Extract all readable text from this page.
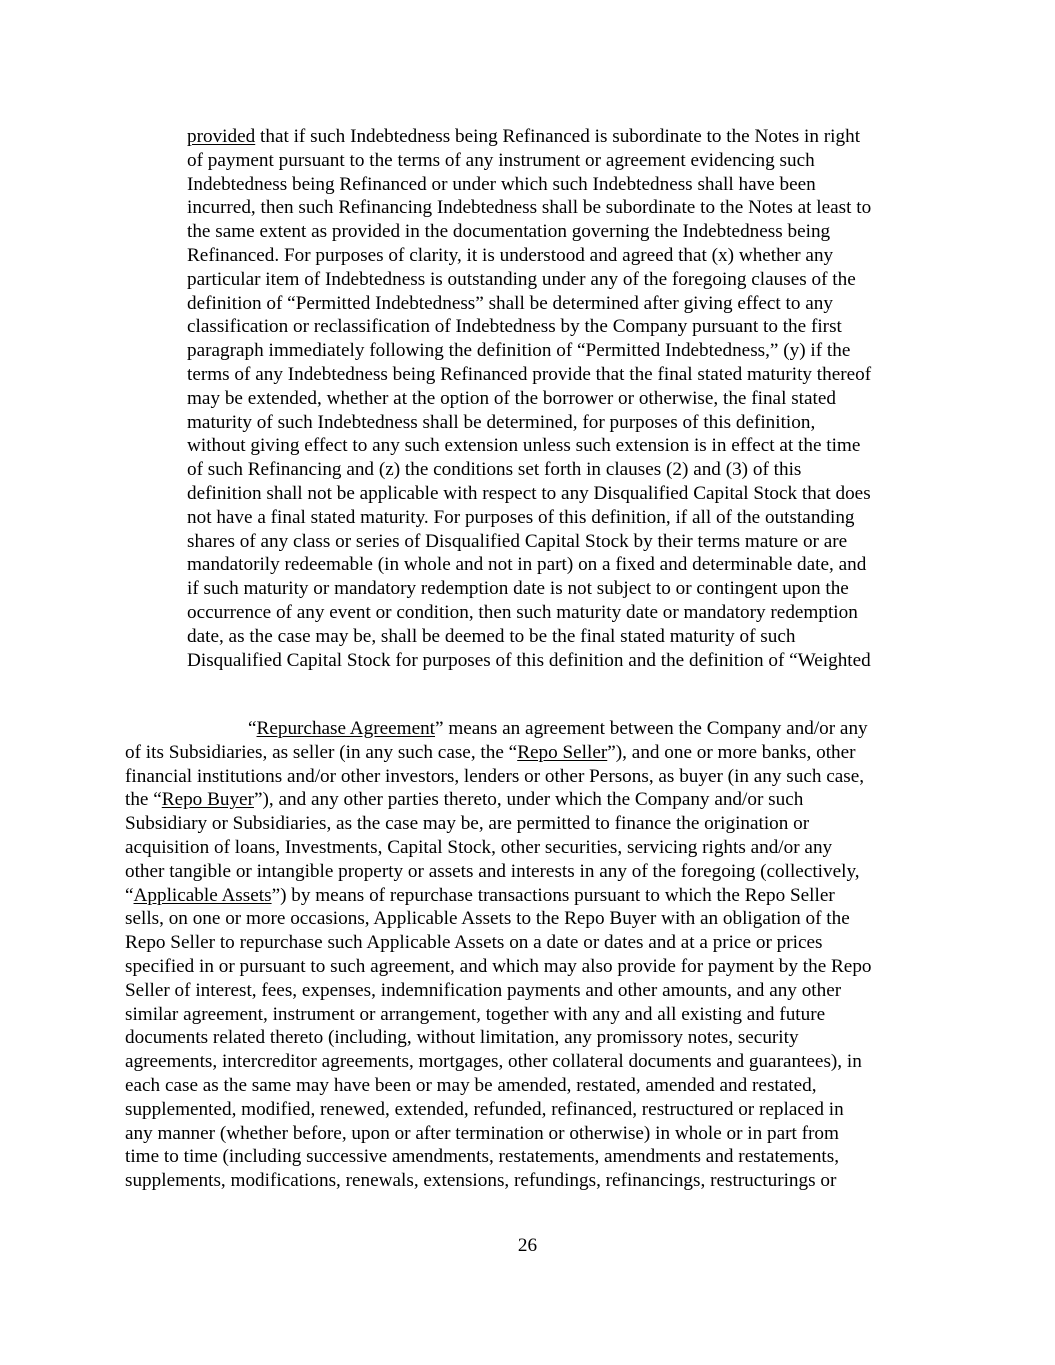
provided that if such Indebtedness being Refinanced is subordinate to the Notes in right
of payment pursuant to the terms of any instrument or agreement evidencing such
Indebtedness being Refinanced or under which such Indebtedness shall have been
incurred, then such Refinancing Indebtedness shall be subordinate to the Notes at least to
the same extent as provided in the documentation governing the Indebtedness being
Refinanced. For purposes of clarity, it is understood and agreed that (x) whether any
particular item of Indebtedness is outstanding under any of the foregoing clauses of the
definition of “Permitted Indebtedness” shall be determined after giving effect to any
classification or reclassification of Indebtedness by the Company pursuant to the first
paragraph immediately following the definition of “Permitted Indebtedness,” (y) if the
terms of any Indebtedness being Refinanced provide that the final stated maturity thereof
may be extended, whether at the option of the borrower or otherwise, the final stated
maturity of such Indebtedness shall be determined, for purposes of this definition,
without giving effect to any such extension unless such extension is in effect at the time
of such Refinancing and (z) the conditions set forth in clauses (2) and (3) of this
definition shall not be applicable with respect to any Disqualified Capital Stock that does
not have a final stated maturity. For purposes of this definition, if all of the outstanding
shares of any class or series of Disqualified Capital Stock by their terms mature or are
mandatorily redeemable (in whole and not in part) on a fixed and determinable date, and
if such maturity or mandatory redemption date is not subject to or contingent upon the
occurrence of any event or condition, then such maturity date or mandatory redemption
date, as the case may be, shall be deemed to be the final stated maturity of such
Disqualified Capital Stock for purposes of this definition and the definition of “Weighted
“Repurchase Agreement” means an agreement between the Company and/or any
of its Subsidiaries, as seller (in any such case, the “Repo Seller”), and one or more banks, other
financial institutions and/or other investors, lenders or other Persons, as buyer (in any such case,
the “Repo Buyer”), and any other parties thereto, under which the Company and/or such
Subsidiary or Subsidiaries, as the case may be, are permitted to finance the origination or
acquisition of loans, Investments, Capital Stock, other securities, servicing rights and/or any
other tangible or intangible property or assets and interests in any of the foregoing (collectively,
“Applicable Assets”) by means of repurchase transactions pursuant to which the Repo Seller
sells, on one or more occasions, Applicable Assets to the Repo Buyer with an obligation of the
Repo Seller to repurchase such Applicable Assets on a date or dates and at a price or prices
specified in or pursuant to such agreement, and which may also provide for payment by the Repo
Seller of interest, fees, expenses, indemnification payments and other amounts, and any other
similar agreement, instrument or arrangement, together with any and all existing and future
documents related thereto (including, without limitation, any promissory notes, security
agreements, intercreditor agreements, mortgages, other collateral documents and guarantees), in
each case as the same may have been or may be amended, restated, amended and restated,
supplemented, modified, renewed, extended, refunded, refinanced, restructured or replaced in
any manner (whether before, upon or after termination or otherwise) in whole or in part from
time to time (including successive amendments, restatements, amendments and restatements,
supplements, modifications, renewals, extensions, refundings, refinancings, restructurings or
26
